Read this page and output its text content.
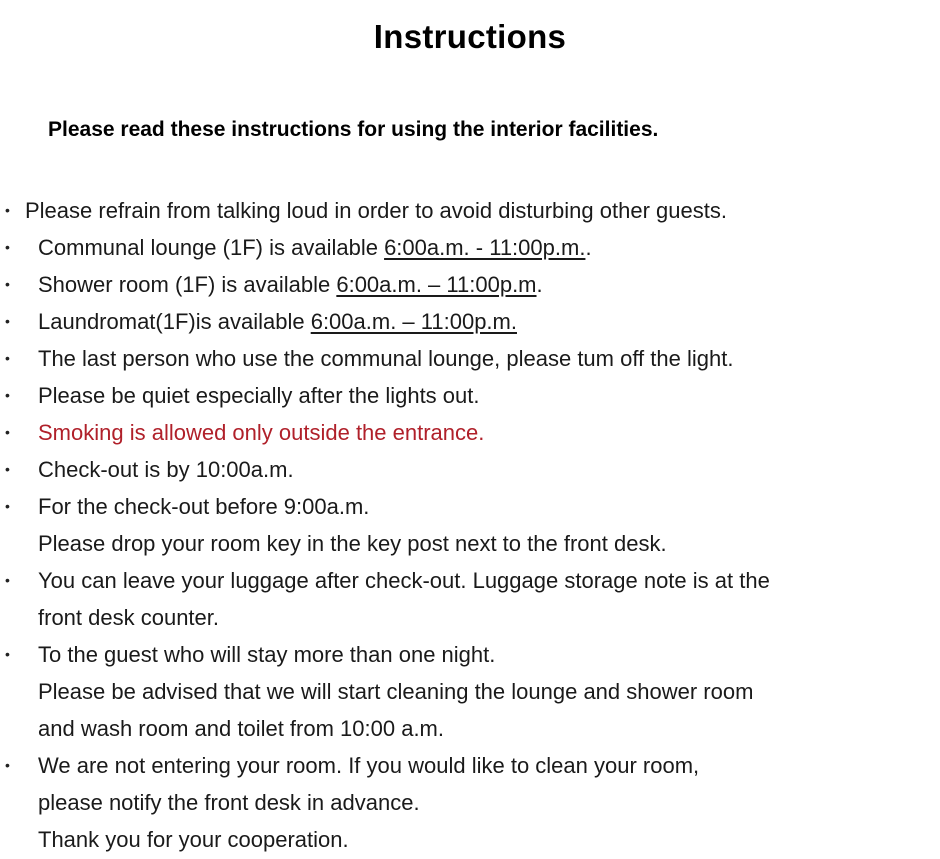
Instructions
Please read these instructions for using the interior facilities.
• Please refrain from talking loud in order to avoid disturbing other guests.
• Communal lounge (1F) is available 6:00a.m. - 11:00p.m..
• Shower room (1F) is available 6:00a.m. – 11:00p.m.
• Laundromat(1F)is available 6:00a.m. – 11:00p.m.
• The last person who use the communal lounge, please tum off the light.
• Please be quiet especially after the lights out.
• Smoking is allowed only outside the entrance.
• Check-out is by 10:00a.m.
• For the check-out before 9:00a.m.
Please drop your room key in the key post next to the front desk.
• You can leave your luggage after check-out. Luggage storage note is at the
front desk counter.
• To the guest who will stay more than one night.
Please be advised that we will start cleaning the lounge and shower room
and wash room and toilet from 10:00 a.m.
• We are not entering your room. If you would like to clean your room,
please notify the front desk in advance.
Thank you for your cooperation.
